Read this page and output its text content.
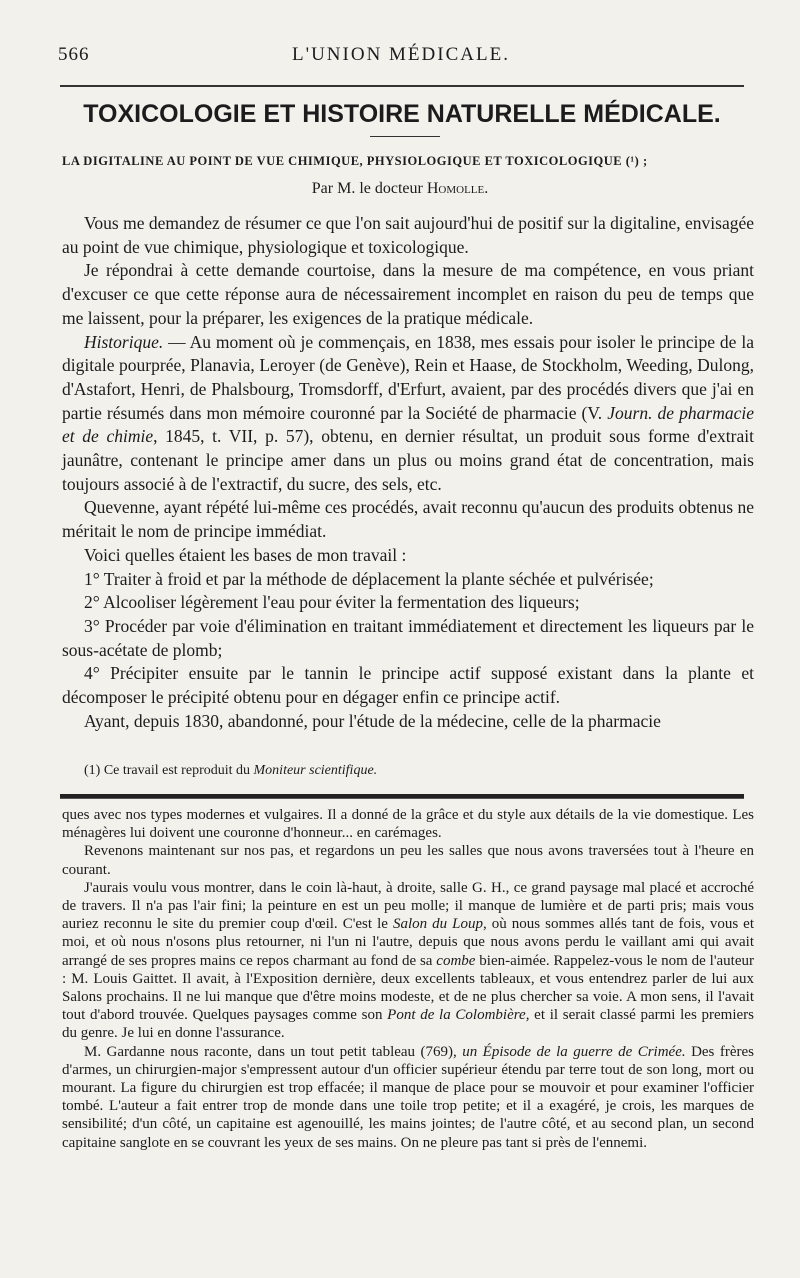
L'UNION MÉDICALE.
566
TOXICOLOGIE ET HISTOIRE NATURELLE MÉDICALE.
LA DIGITALINE AU POINT DE VUE CHIMIQUE, PHYSIOLOGIQUE ET TOXICOLOGIQUE (¹) ;
Par M. le docteur Homolle.

Vous me demandez de résumer ce que l'on sait aujourd'hui de positif sur la digitaline, envisagée au point de vue chimique, physiologique et toxicologique.

Je répondrai à cette demande courtoise, dans la mesure de ma compétence, en vous priant d'excuser ce que cette réponse aura de nécessairement incomplet en raison du peu de temps que me laissent, pour la préparer, les exigences de la pratique médicale.

Historique. — Au moment où je commençais, en 1838, mes essais pour isoler le principe de la digitale pourprée, Planavia, Leroyer (de Genève), Rein et Haase, de Stockholm, Weeding, Dulong, d'Astafort, Henri, de Phalsbourg, Tromsdorff, d'Erfurt, avaient, par des procédés divers que j'ai en partie résumés dans mon mémoire couronné par la Société de pharmacie (V. Journ. de pharmacie et de chimie, 1845, t. VII, p. 57), obtenu, en dernier résultat, un produit sous forme d'extrait jaunâtre, contenant le principe amer dans un plus ou moins grand état de concentration, mais toujours associé à de l'extractif, du sucre, des sels, etc.

Quevenne, ayant répété lui-même ces procédés, avait reconnu qu'aucun des produits obtenus ne méritait le nom de principe immédiat.

Voici quelles étaient les bases de mon travail :

1° Traiter à froid et par la méthode de déplacement la plante séchée et pulvérisée;

2° Alcooliser légèrement l'eau pour éviter la fermentation des liqueurs;

3° Procéder par voie d'élimination en traitant immédiatement et directement les liqueurs par le sous-acétate de plomb;

4° Précipiter ensuite par le tannin le principe actif supposé existant dans la plante et décomposer le précipité obtenu pour en dégager enfin ce principe actif.

Ayant, depuis 1830, abandonné, pour l'étude de la médecine, celle de la pharmacie

(1) Ce travail est reproduit du Moniteur scientifique.

ques avec nos types modernes et vulgaires. Il a donné de la grâce et du style aux détails de la vie domestique. Les ménagères lui doivent une couronne d'honneur... en carémages.

Revenons maintenant sur nos pas, et regardons un peu les salles que nous avons traversées tout à l'heure en courant.

J'aurais voulu vous montrer, dans le coin là-haut, à droite, salle G. H., ce grand paysage mal placé et accroché de travers. Il n'a pas l'air fini; la peinture en est un peu molle; il manque de lumière et de parti pris; mais vous auriez reconnu le site du premier coup d'œil. C'est le Salon du Loup, où nous sommes allés tant de fois, vous et moi, et où nous n'osons plus retourner, ni l'un ni l'autre, depuis que nous avons perdu le vaillant ami qui avait arrangé de ses propres mains ce repos charmant au fond de sa combe bien-aimée. Rappelez-vous le nom de l'auteur : M. Louis Gaittet. Il avait, à l'Exposition dernière, deux excellents tableaux, et vous entendrez parler de lui aux Salons prochains. Il ne lui manque que d'être moins modeste, et de ne plus chercher sa voie. A mon sens, il l'avait tout d'abord trouvée. Quelques paysages comme son Pont de la Colombière, et il serait classé parmi les premiers du genre. Je lui en donne l'assurance.

M. Gardanne nous raconte, dans un tout petit tableau (769), un Épisode de la guerre de Crimée. Des frères d'armes, un chirurgien-major s'empressent autour d'un officier supérieur étendu par terre tout de son long, mort ou mourant. La figure du chirurgien est trop effacée; il manque de place pour se mouvoir et pour examiner l'officier tombé. L'auteur a fait entrer trop de monde dans une toile trop petite; et il a exagéré, je crois, les marques de sensibilité; d'un côté, un capitaine est agenouillé, les mains jointes; de l'autre côté, et au second plan, un second capitaine sanglote en se couvrant les yeux de ses mains. On ne pleure pas tant si près de l'ennemi.
